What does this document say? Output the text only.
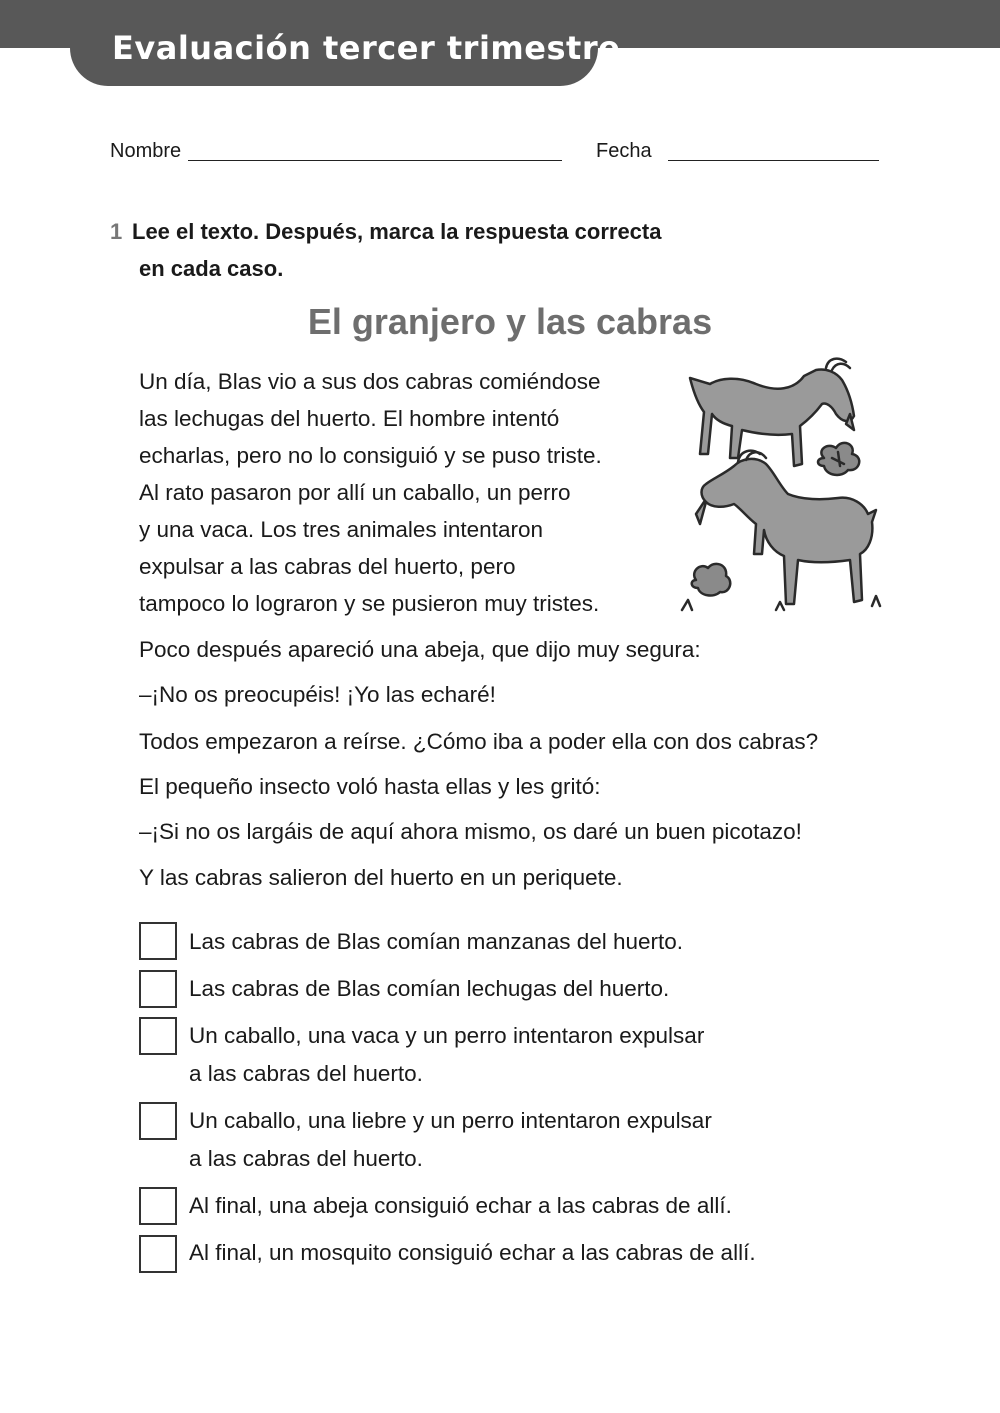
Evaluación tercer trimestre
Nombre	Fecha
1 Lee el texto. Después, marca la respuesta correcta
en cada caso.
El granjero y las cabras
Un día, Blas vio a sus dos cabras comiéndose
las lechugas del huerto. El hombre intentó
echarlas, pero no lo consiguió y se puso triste.
Al rato pasaron por allí un caballo, un perro
y una vaca. Los tres animales intentaron
expulsar a las cabras del huerto, pero
tampoco lo lograron y se pusieron muy tristes.
Poco después apareció una abeja, que dijo muy segura:
–¡No os preocupéis! ¡Yo las echaré!
Todos empezaron a reírse. ¿Cómo iba a poder ella con dos cabras?
El pequeño insecto voló hasta ellas y les gritó:
–¡Si no os largáis de aquí ahora mismo, os daré un buen picotazo!
Y las cabras salieron del huerto en un periquete.
Las cabras de Blas comían manzanas del huerto.
Las cabras de Blas comían lechugas del huerto.
Un caballo, una vaca y un perro intentaron expulsar
a las cabras del huerto.
Un caballo, una liebre y un perro intentaron expulsar
a las cabras del huerto.
Al final, una abeja consiguió echar a las cabras de allí.
Al final, un mosquito consiguió echar a las cabras de allí.
